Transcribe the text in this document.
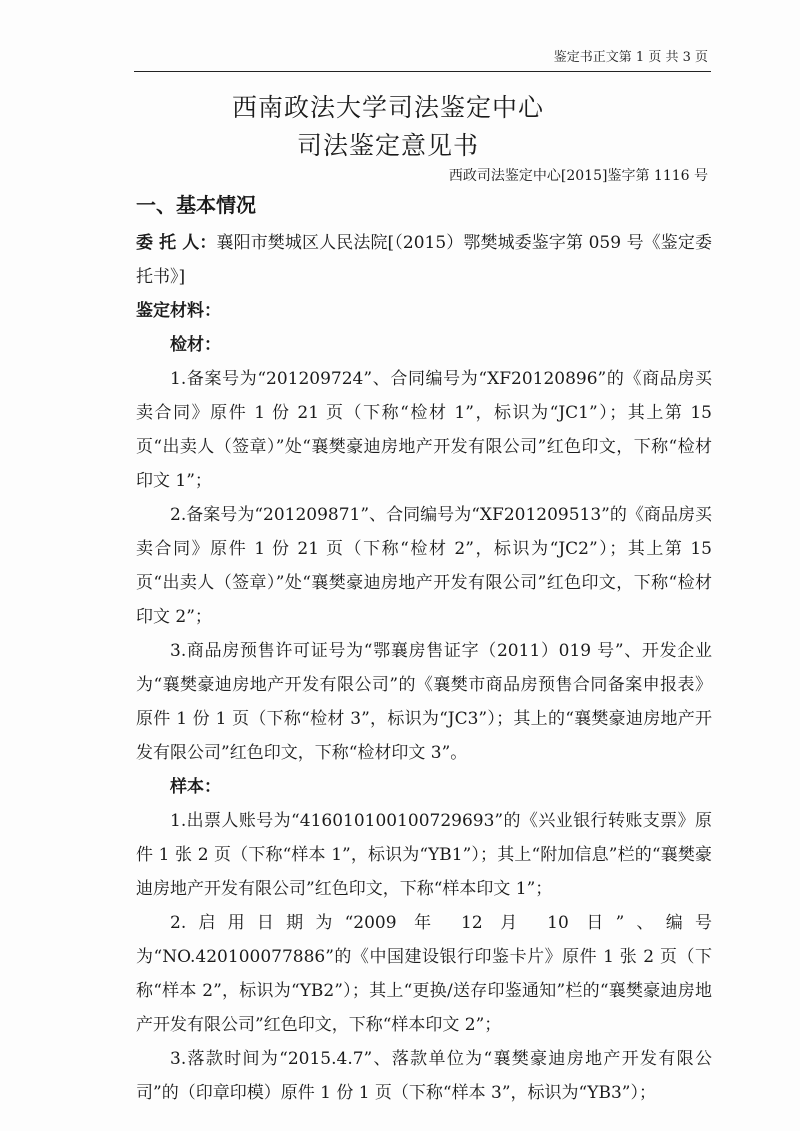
鉴定书正文第 1 页 共 3 页
西南政法大学司法鉴定中心
司法鉴定意见书
西政司法鉴定中心[2015]鉴字第 1116 号
一、基本情况

委 托 人：襄阳市樊城区人民法院[（2015）鄂樊城委鉴字第 059 号《鉴定委托书》]

鉴定材料：

检材：

1.备案号为“201209724”、合同编号为“XF20120896”的《商品房买卖合同》原件 1 份 21 页（下称“检材 1”，标识为“JC1”）；其上第 15 页“出卖人（签章）”处“襄樊豪迪房地产开发有限公司”红色印文，下称“检材印文 1”；

2.备案号为“201209871”、合同编号为“XF201209513”的《商品房买卖合同》原件 1 份 21 页（下称“检材 2”，标识为“JC2”）；其上第 15 页“出卖人（签章）”处“襄樊豪迪房地产开发有限公司”红色印文，下称“检材印文 2”；

3.商品房预售许可证号为“鄂襄房售证字（2011）019 号”、开发企业为“襄樊豪迪房地产开发有限公司”的《襄樊市商品房预售合同备案申报表》原件 1 份 1 页（下称“检材 3”，标识为“JC3”）；其上的“襄樊豪迪房地产开发有限公司”红色印文，下称“检材印文 3”。

样本：

1.出票人账号为“416010100100729693”的《兴业银行转账支票》原件 1 张 2 页（下称“样本 1”，标识为“YB1”）；其上“附加信息”栏的“襄樊豪迪房地产开发有限公司”红色印文，下称“样本印文 1”；

2.启用日期为“2009 年 12 月 10 日”、编号为“NO.420100077886”的《中国建设银行印鉴卡片》原件 1 张 2 页（下称“样本 2”，标识为“YB2”）；其上“更换/送存印鉴通知”栏的“襄樊豪迪房地产开发有限公司”红色印文，下称“样本印文 2”；

3.落款时间为“2015.4.7”、落款单位为“襄樊豪迪房地产开发有限公司”的（印章印模）原件 1 份 1 页（下称“样本 3”，标识为“YB3”）；
